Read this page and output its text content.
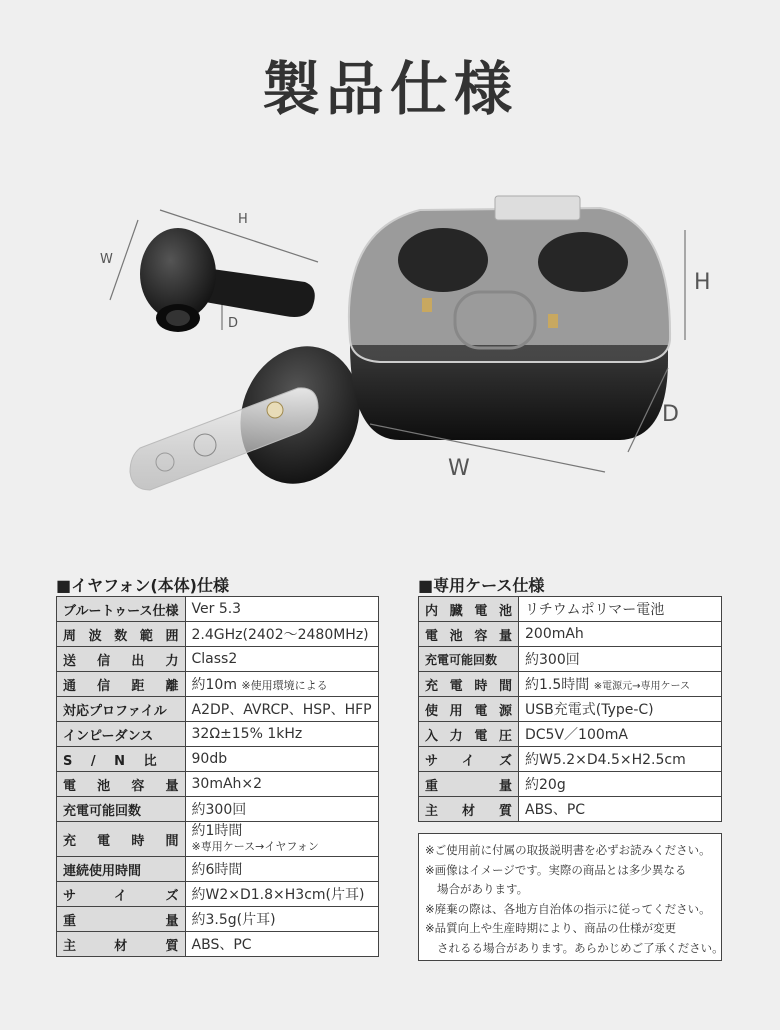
製品仕様
H
W
D
H
D
W
■イヤフォン(本体)仕様
ブルートゥース仕様	Ver 5.3
周波数範囲	2.4GHz(2402〜2480MHz)
送信出力	Class2
通信距離	約10m ※使用環境による
対応プロファイル	A2DP、AVRCP、HSP、HFP
インピーダンス	32Ω±15% 1kHz
S / N 比	90db
電池容量	30mAh×2
充電可能回数	約300回
充電時間	約1時間
※専用ケース→イヤフォン

連続使用時間	約6時間
サイズ	約W2×D1.8×H3cm(片耳)
重量	約3.5g(片耳)
主材質	ABS、PC
■専用ケース仕様
内臓電池	リチウムポリマー電池
電池容量	200mAh
充電可能回数	約300回
充電時間	約1.5時間 ※電源元→専用ケース
使用電源	USB充電式(Type-C)
入力電圧	DC5V／100mA
サイズ	約W5.2×D4.5×H2.5cm
重量	約20g
主材質	ABS、PC
※ご使用前に付属の取扱説明書を必ずお読みください。
※画像はイメージです。実際の商品とは多少異なる
場合があります。
※廃棄の際は、各地方自治体の指示に従ってください。
※品質向上や生産時期により、商品の仕様が変更
されるる場合があります。あらかじめご了承ください。
